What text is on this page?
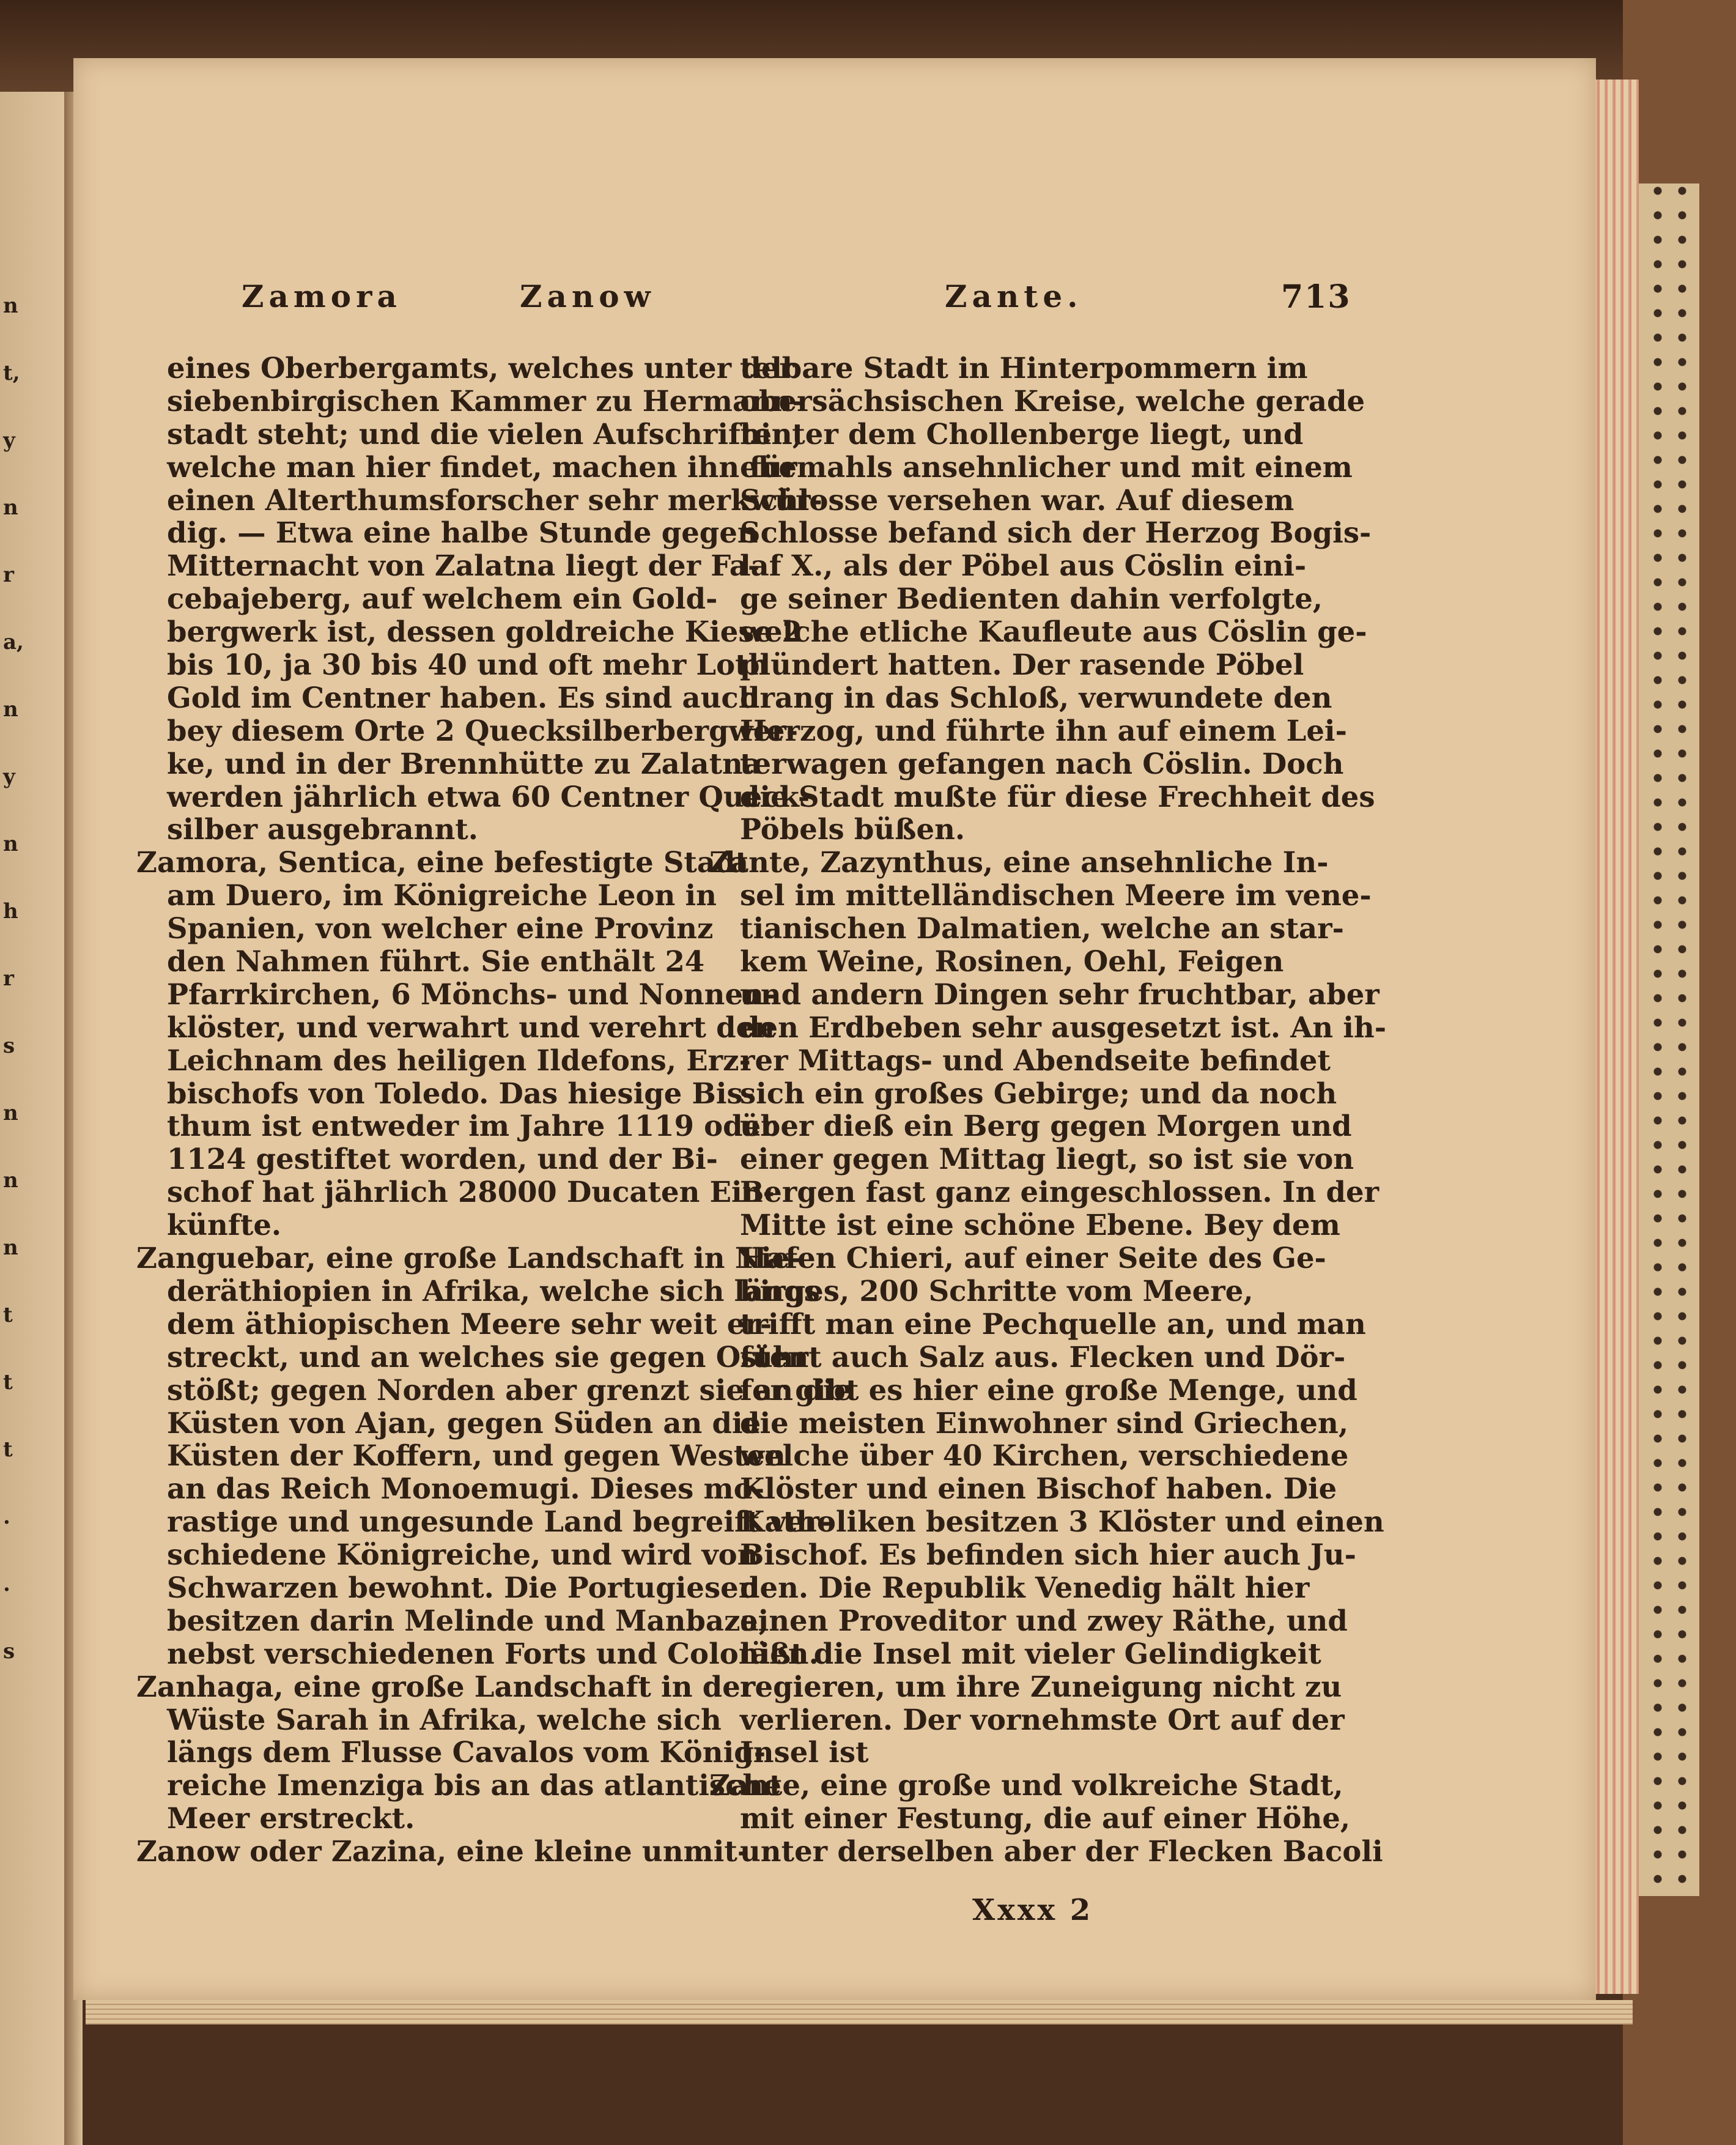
n
t,
y
n
r
a,
n
y
n
h
r
s
n
n
n
t
t
t
.
.
s
Zamora	Zanow	Zante.	713
eines Oberbergamts, welches unter der
siebenbirgischen Kammer zu Hermann-
stadt steht; und die vielen Aufschriften,
welche man hier findet, machen ihn für
einen Alterthumsforscher sehr merkwür-
dig. — Etwa eine halbe Stunde gegen
Mitternacht von Zalatna liegt der Fa-
cebajeberg, auf welchem ein Gold-
bergwerk ist, dessen goldreiche Kiese 2
bis 10, ja 30 bis 40 und oft mehr Loth
Gold im Centner haben. Es sind auch
bey diesem Orte 2 Quecksilberbergwer-
ke, und in der Brennhütte zu Zalatna
werden jährlich etwa 60 Centner Queck-
silber ausgebrannt.
Zamora, Sentica, eine befestigte Stadt
am Duero, im Königreiche Leon in
Spanien, von welcher eine Provinz
den Nahmen führt. Sie enthält 24
Pfarrkirchen, 6 Mönchs- und Nonnen-
klöster, und verwahrt und verehrt den
Leichnam des heiligen Ildefons, Erz-
bischofs von Toledo. Das hiesige Bis-
thum ist entweder im Jahre 1119 oder
1124 gestiftet worden, und der Bi-
schof hat jährlich 28000 Ducaten Ein-
künfte.
Zanguebar, eine große Landschaft in Nie-
deräthiopien in Afrika, welche sich längs
dem äthiopischen Meere sehr weit er-
streckt, und an welches sie gegen Osten
stößt; gegen Norden aber grenzt sie an die
Küsten von Ajan, gegen Süden an die
Küsten der Koffern, und gegen Westen
an das Reich Monoemugi. Dieses mo-
rastige und ungesunde Land begreift ver-
schiedene Königreiche, und wird von
Schwarzen bewohnt. Die Portugiesen
besitzen darin Melinde und Manbaza,
nebst verschiedenen Forts und Colonien.
Zanhaga, eine große Landschaft in der
Wüste Sarah in Afrika, welche sich
längs dem Flusse Cavalos vom König-
reiche Imenziga bis an das atlantische
Meer erstreckt.
Zanow oder Zazina, eine kleine unmit-
telbare Stadt in Hinterpommern im
obersächsischen Kreise, welche gerade
hinter dem Chollenberge liegt, und
ehemahls ansehnlicher und mit einem
Schlosse versehen war. Auf diesem
Schlosse befand sich der Herzog Bogis-
laf X., als der Pöbel aus Cöslin eini-
ge seiner Bedienten dahin verfolgte,
welche etliche Kaufleute aus Cöslin ge-
plündert hatten. Der rasende Pöbel
drang in das Schloß, verwundete den
Herzog, und führte ihn auf einem Lei-
terwagen gefangen nach Cöslin. Doch
die Stadt mußte für diese Frechheit des
Pöbels büßen.
Zante, Zazynthus, eine ansehnliche In-
sel im mittelländischen Meere im vene-
tianischen Dalmatien, welche an star-
kem Weine, Rosinen, Oehl, Feigen
und andern Dingen sehr fruchtbar, aber
den Erdbeben sehr ausgesetzt ist. An ih-
rer Mittags- und Abendseite befindet
sich ein großes Gebirge; und da noch
über dieß ein Berg gegen Morgen und
einer gegen Mittag liegt, so ist sie von
Bergen fast ganz eingeschlossen. In der
Mitte ist eine schöne Ebene. Bey dem
Hafen Chieri, auf einer Seite des Ge-
birges, 200 Schritte vom Meere,
trifft man eine Pechquelle an, und man
führt auch Salz aus. Flecken und Dör-
fer gibt es hier eine große Menge, und
die meisten Einwohner sind Griechen,
welche über 40 Kirchen, verschiedene
Klöster und einen Bischof haben. Die
Katholiken besitzen 3 Klöster und einen
Bischof. Es befinden sich hier auch Ju-
den. Die Republik Venedig hält hier
einen Proveditor und zwey Räthe, und
läßt die Insel mit vieler Gelindigkeit
regieren, um ihre Zuneigung nicht zu
verlieren. Der vornehmste Ort auf der
Insel ist
Zante, eine große und volkreiche Stadt,
mit einer Festung, die auf einer Höhe,
unter derselben aber der Flecken Bacoli
Xxxx 2
